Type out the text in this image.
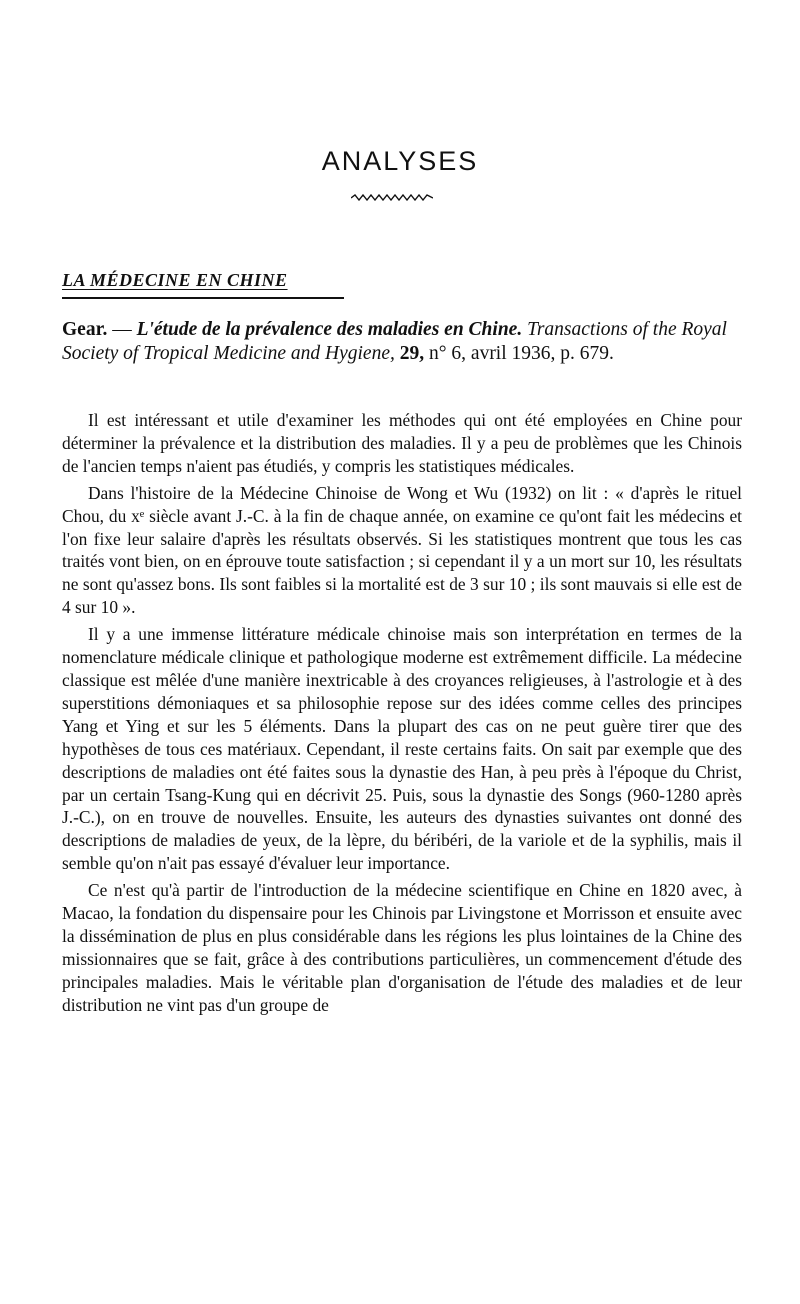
ANALYSES
LA MÉDECINE EN CHINE

Gear. — L'étude de la prévalence des maladies en Chine. Transactions of the Royal Society of Tropical Medicine and Hygiene, 29, n° 6, avril 1936, p. 679.

Il est intéressant et utile d'examiner les méthodes qui ont été employées en Chine pour déterminer la prévalence et la distribution des maladies. Il y a peu de problèmes que les Chinois de l'ancien temps n'aient pas étudiés, y compris les statistiques médicales.

Dans l'histoire de la Médecine Chinoise de Wong et Wu (1932) on lit : « d'après le rituel Chou, du xᵉ siècle avant J.-C. à la fin de chaque année, on examine ce qu'ont fait les médecins et l'on fixe leur salaire d'après les résultats observés. Si les statistiques montrent que tous les cas traités vont bien, on en éprouve toute satisfaction ; si cependant il y a un mort sur 10, les résultats ne sont qu'assez bons. Ils sont faibles si la mortalité est de 3 sur 10 ; ils sont mauvais si elle est de 4 sur 10 ».

Il y a une immense littérature médicale chinoise mais son interprétation en termes de la nomenclature médicale clinique et pathologique moderne est extrêmement difficile. La médecine classique est mêlée d'une manière inextricable à des croyances religieuses, à l'astrologie et à des superstitions démoniaques et sa philosophie repose sur des idées comme celles des principes Yang et Ying et sur les 5 éléments. Dans la plupart des cas on ne peut guère tirer que des hypothèses de tous ces matériaux. Cependant, il reste certains faits. On sait par exemple que des descriptions de maladies ont été faites sous la dynastie des Han, à peu près à l'époque du Christ, par un certain Tsang-Kung qui en décrivit 25. Puis, sous la dynastie des Songs (960-1280 après J.-C.), on en trouve de nouvelles. Ensuite, les auteurs des dynasties suivantes ont donné des descriptions de maladies de yeux, de la lèpre, du béribéri, de la variole et de la syphilis, mais il semble qu'on n'ait pas essayé d'évaluer leur importance.

Ce n'est qu'à partir de l'introduction de la médecine scientifique en Chine en 1820 avec, à Macao, la fondation du dispensaire pour les Chinois par Livingstone et Morrisson et ensuite avec la dissémination de plus en plus considérable dans les régions les plus lointaines de la Chine des missionnaires que se fait, grâce à des contributions particulières, un commencement d'étude des principales maladies. Mais le véritable plan d'organisation de l'étude des maladies et de leur distribution ne vint pas d'un groupe de
